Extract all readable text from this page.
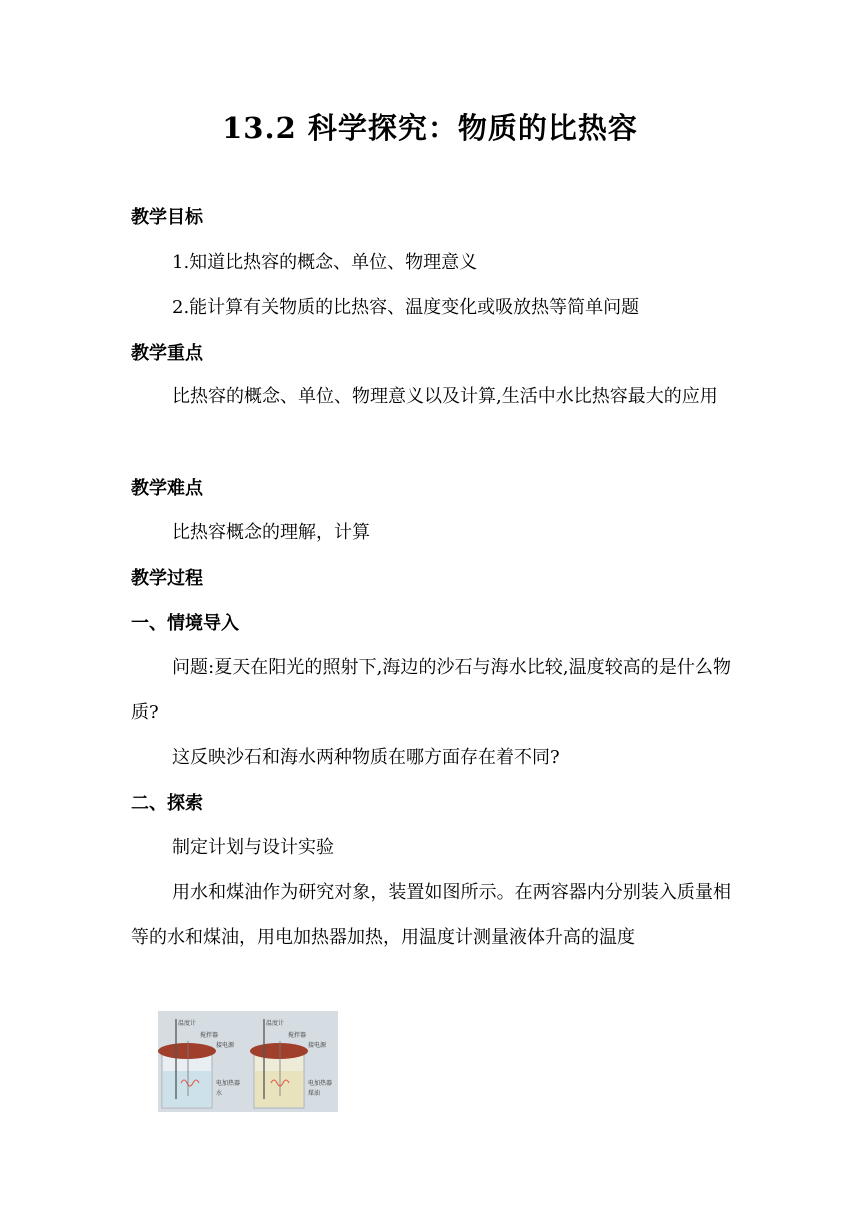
13.2 科学探究：物质的比热容
教学目标

1.知道比热容的概念、单位、物理意义

2.能计算有关物质的比热容、温度变化或吸放热等简单问题

教学重点

比热容的概念、单位、物理意义以及计算,生活中水比热容最大的应用

教学难点

比热容概念的理解，计算

教学过程
一、情境导入

问题:夏天在阳光的照射下,海边的沙石与海水比较,温度较高的是什么物质?

这反映沙石和海水两种物质在哪方面存在着不同?

二、探索

制定计划与设计实验

用水和煤油作为研究对象，装置如图所示。在两容器内分别装入质量相等的水和煤油，用电加热器加热，用温度计测量液体升高的温度

温度计
搅拌器
接电源
电加热器
水
温度计
搅拌器
接电源
电加热器
煤油
